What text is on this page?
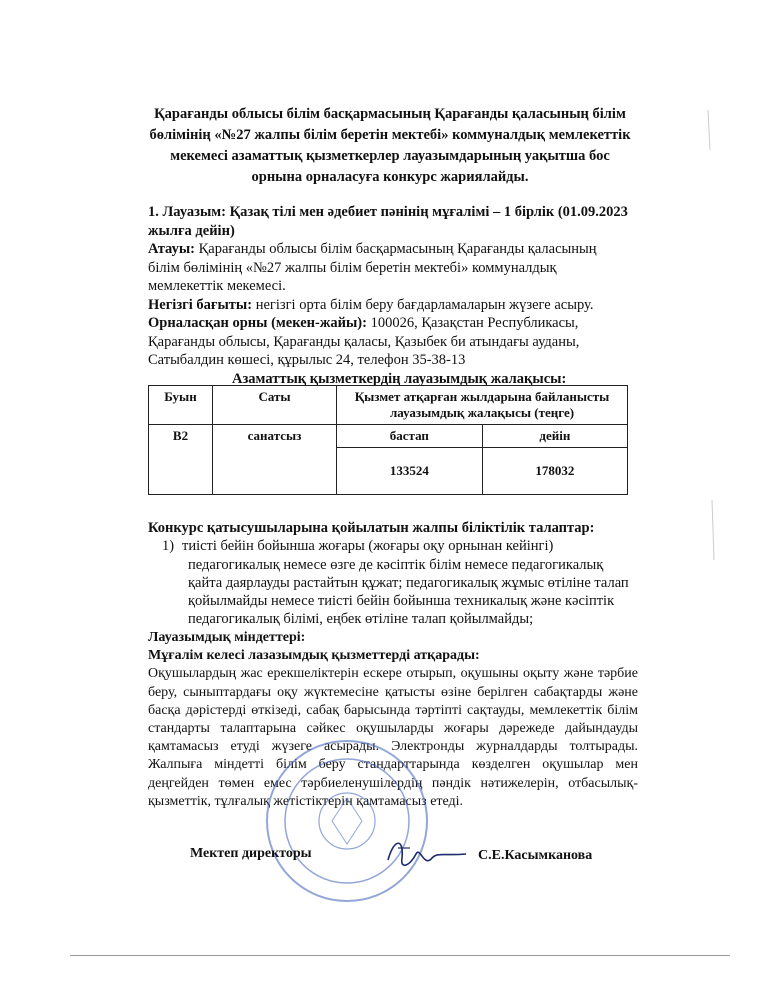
Қарағанды облысы білім басқармасының Қарағанды қаласының білім
бөлімінің «№27 жалпы білім беретін мектебі» коммуналдық мемлекеттік
мекемесі азаматтық қызметкерлер лауазымдарының уақытша бос
орнына орналасуға конкурс жариялайды.
1. Лауазым: Қазақ тілі мен әдебиет пәнінің мұғалімі – 1 бірлік (01.09.2023
жылға дейін)
Атауы: Қарағанды облысы білім басқармасының Қарағанды қаласының
білім бөлімінің «№27 жалпы білім беретін мектебі» коммуналдық
мемлекеттік мекемесі.
Негізгі бағыты: негізгі орта білім беру бағдарламаларын жүзеге асыру.
Орналасқан орны (мекен-жайы): 100026, Қазақстан Республикасы,
Қарағанды облысы, Қарағанды қаласы, Қазыбек би атындағы ауданы,
Сатыбалдин көшесі, құрылыс 24, телефон 35-38-13
Азаматтық қызметкердің лауазымдық жалақысы:
Буын	Саты	Қызмет атқарған жылдарына байланысты
лауазымдық жалақысы (теңге)	

В2	санатсыз	бастап	дейін
		133524	178032
Конкурс қатысушыларына қойылатын жалпы біліктілік талаптар:
1) тиісті бейін бойынша жоғары (жоғары оқу орнынан кейінгі)
педагогикалық немесе өзге де кәсіптік білім немесе педагогикалық
қайта даярлауды растайтын құжат; педагогикалық жұмыс өтіліне талап
қойылмайды немесе тиісті бейін бойынша техникалық және кәсіптік
педагогикалық білімі, еңбек өтіліне талап қойылмайды;
Лауазымдық міндеттері:
Мұғалім келесі лазазымдық қызметтерді атқарады:
Оқушылардың жас ерекшеліктерін ескере отырып, оқушыны оқыту және тәрбие беру, сыныптардағы оқу жүктемесіне қатысты өзіне берілген сабақтарды және басқа дәрістерді өткізеді, сабақ барысында тәртіпті сақтауды, мемлекеттік білім стандарты талаптарына сәйкес оқушыларды жоғары дәрежеде дайындауды қамтамасыз етуді жүзеге асырады. Электронды журналдарды толтырады. Жалпыға міндетті білім беру стандарттарында көзделген оқушылар мен деңгейден төмен емес тәрбиеленушілердің пәндік нәтижелерін, отбасылық-қызметтік, тұлғалық жетістіктерін қамтамасыз етеді.
Мектеп директоры	С.Е.Касымканова
